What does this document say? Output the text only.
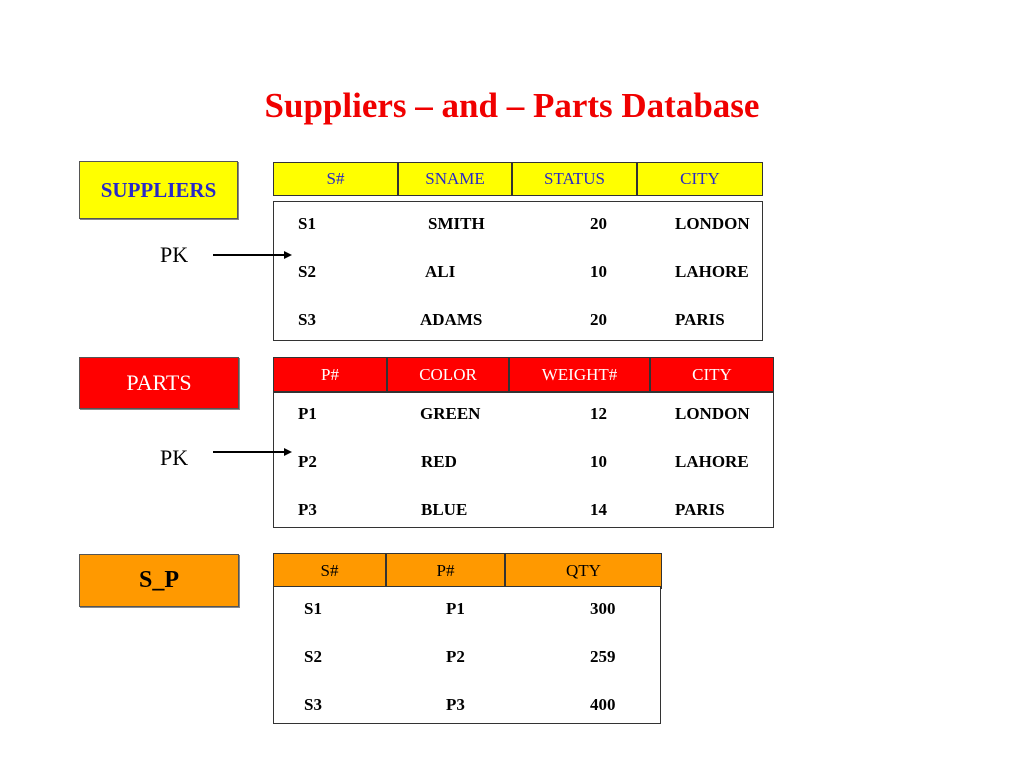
Suppliers – and – Parts Database
SUPPLIERS	S#	SNAME	STATUS	CITY
S1	SMITH	20	LONDON
S2	ALI	10	LAHORE
S3	ADAMS	20	PARIS
PK
PARTS	P#	COLOR	WEIGHT#	CITY
P1	GREEN	12	LONDON
P2	RED	10	LAHORE
P3	BLUE	14	PARIS
PK
S_P	S#	P#	QTY
S1	P1	300
S2	P2	259
S3	P3	400
